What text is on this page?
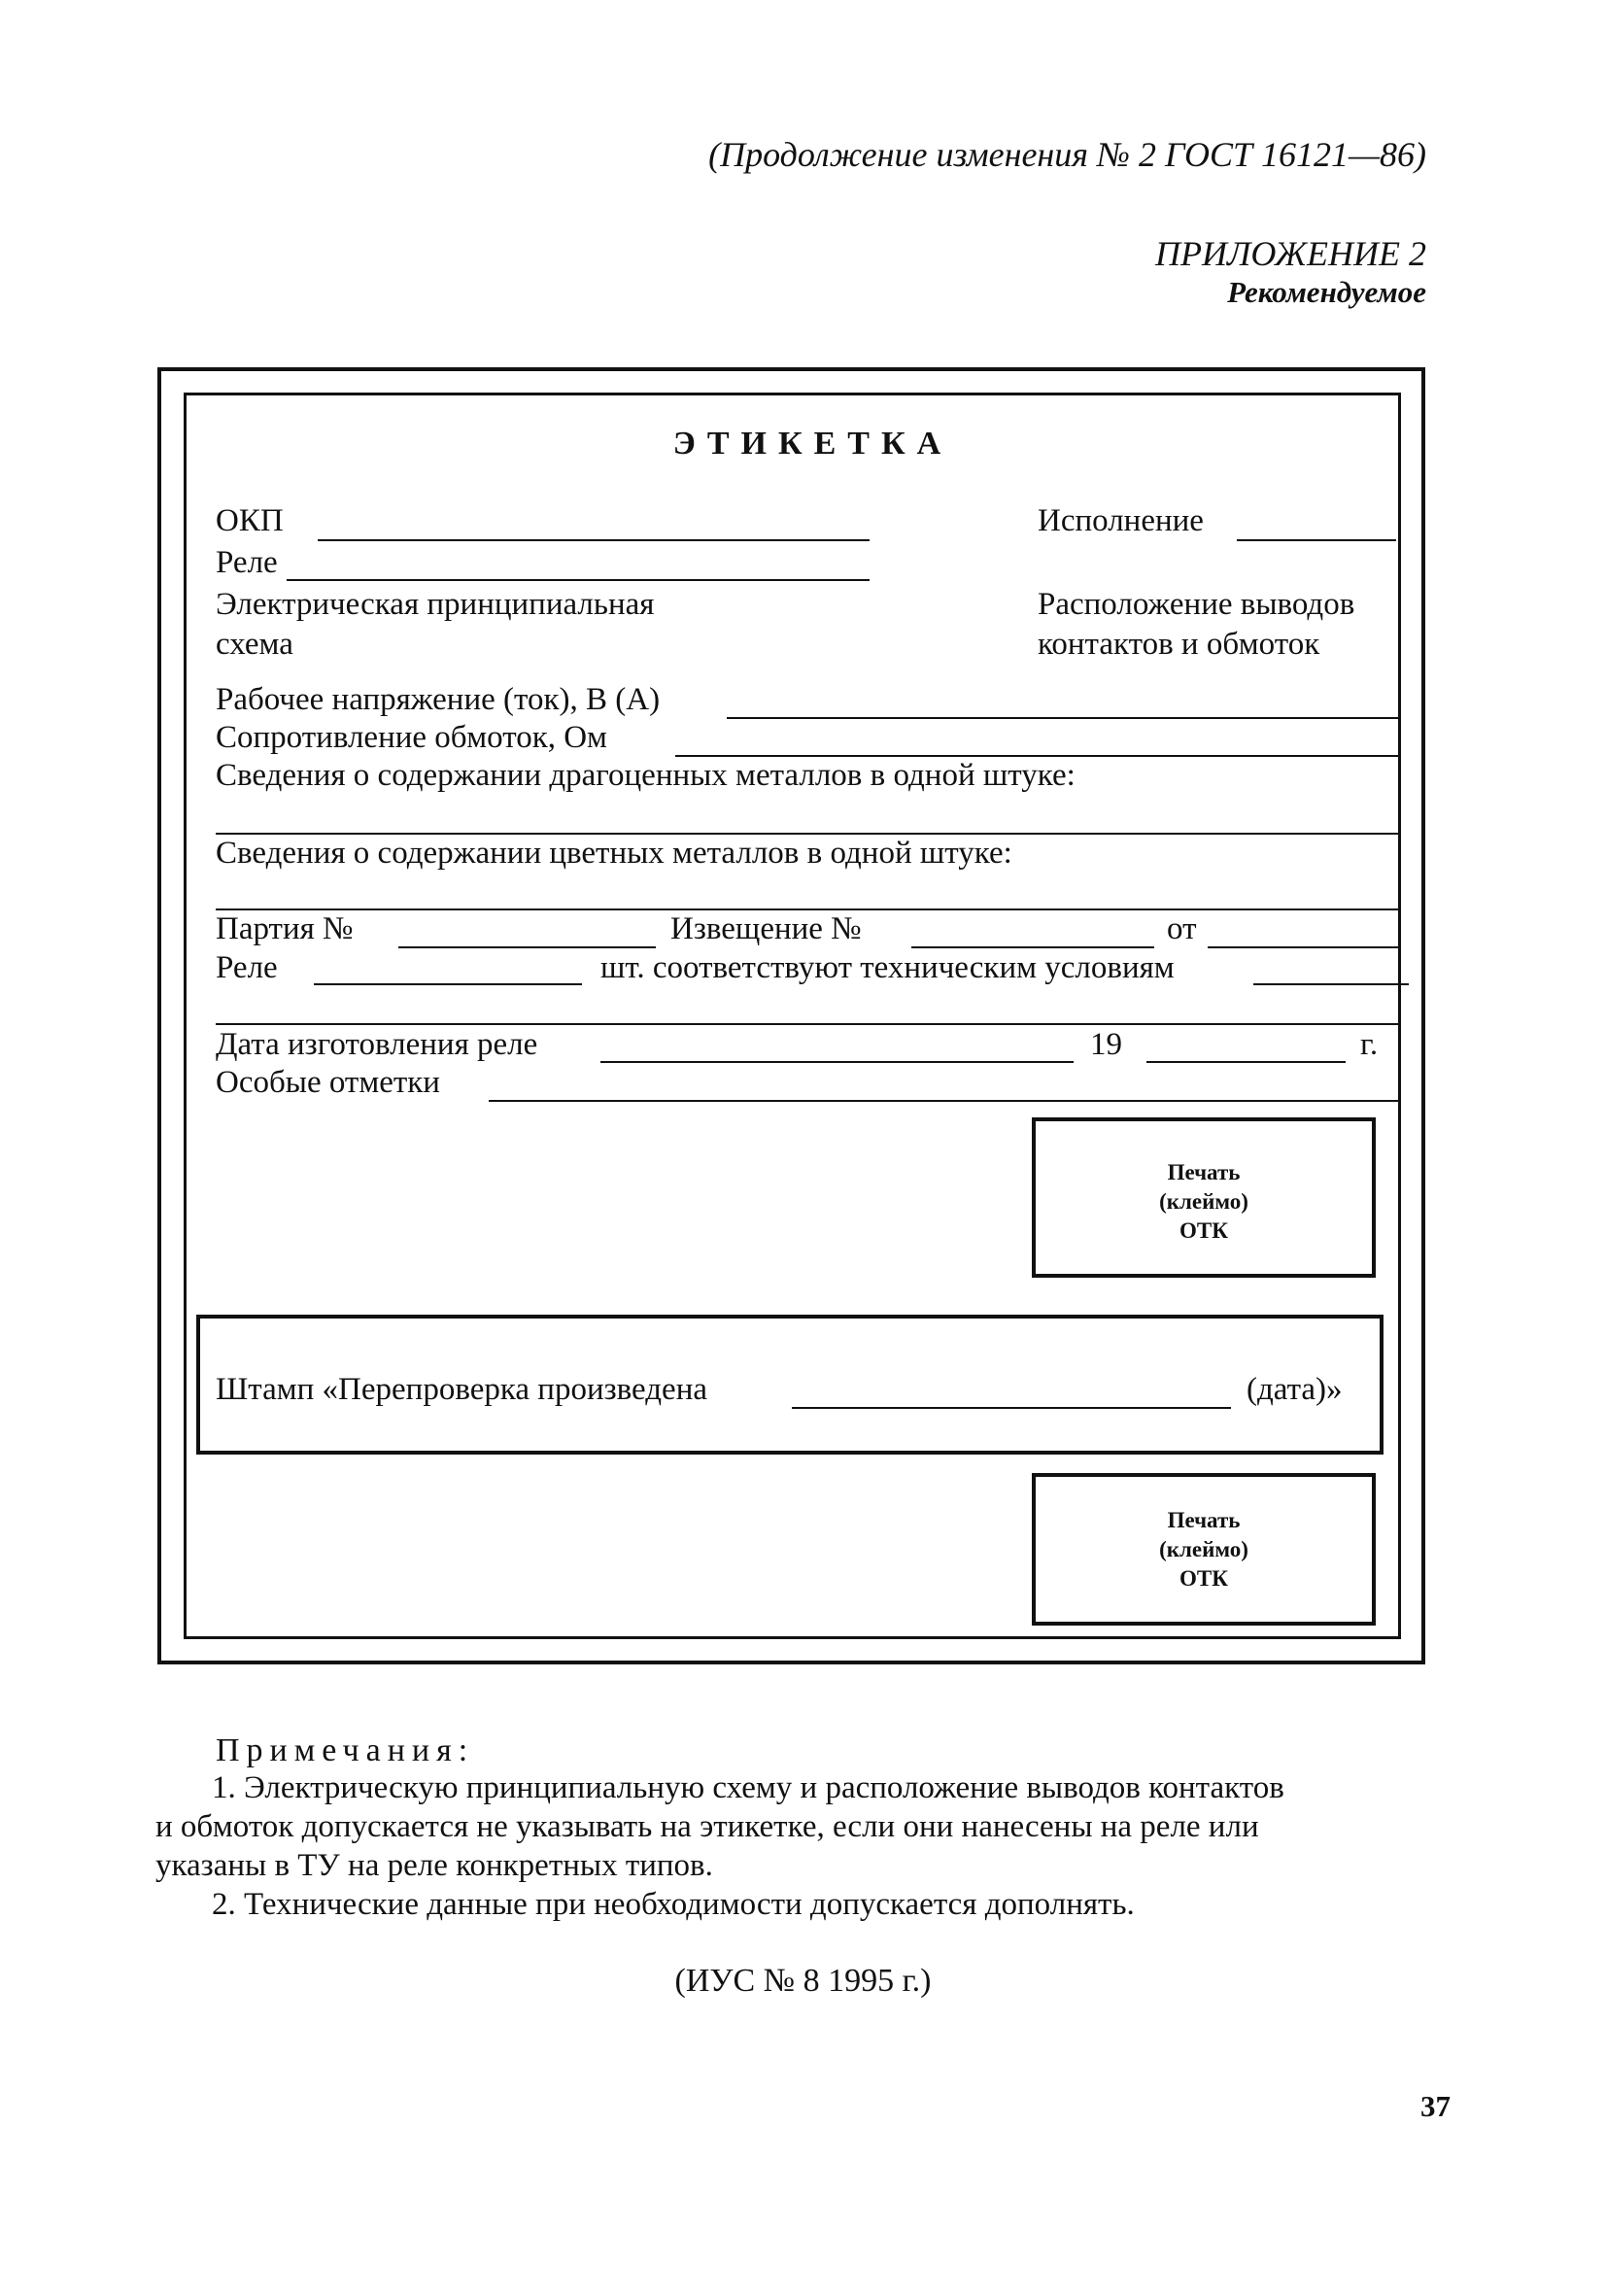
(Продолжение изменения № 2 ГОСТ 16121—86)
ПРИЛОЖЕНИЕ 2
Рекомендуемое
ЭТИКЕТКА
ОКП	Исполнение
Реле
Электрическая принципиальная
схема
Расположение выводов
контактов и обмоток
Рабочее напряжение (ток), В (А)
Сопротивление обмоток, Ом
Сведения о содержании драгоценных металлов в одной штуке:
Сведения о содержании цветных металлов в одной штуке:
Партия №	Извещение №	от
Реле	шт. соответствуют техническим условиям
Дата изготовления реле	19	г.
Особые отметки
Печать
(клеймо)
ОТК
Штамп «Перепроверка произведена	(дата)»
Печать
(клеймо)
ОТК
Примечания:
1. Электрическую принципиальную схему и расположение выводов контактов
и обмоток допускается не указывать на этикетке, если они нанесены на реле или
указаны в ТУ на реле конкретных типов.
2. Технические данные при необходимости допускается дополнять.
(ИУС № 8 1995 г.)
37
